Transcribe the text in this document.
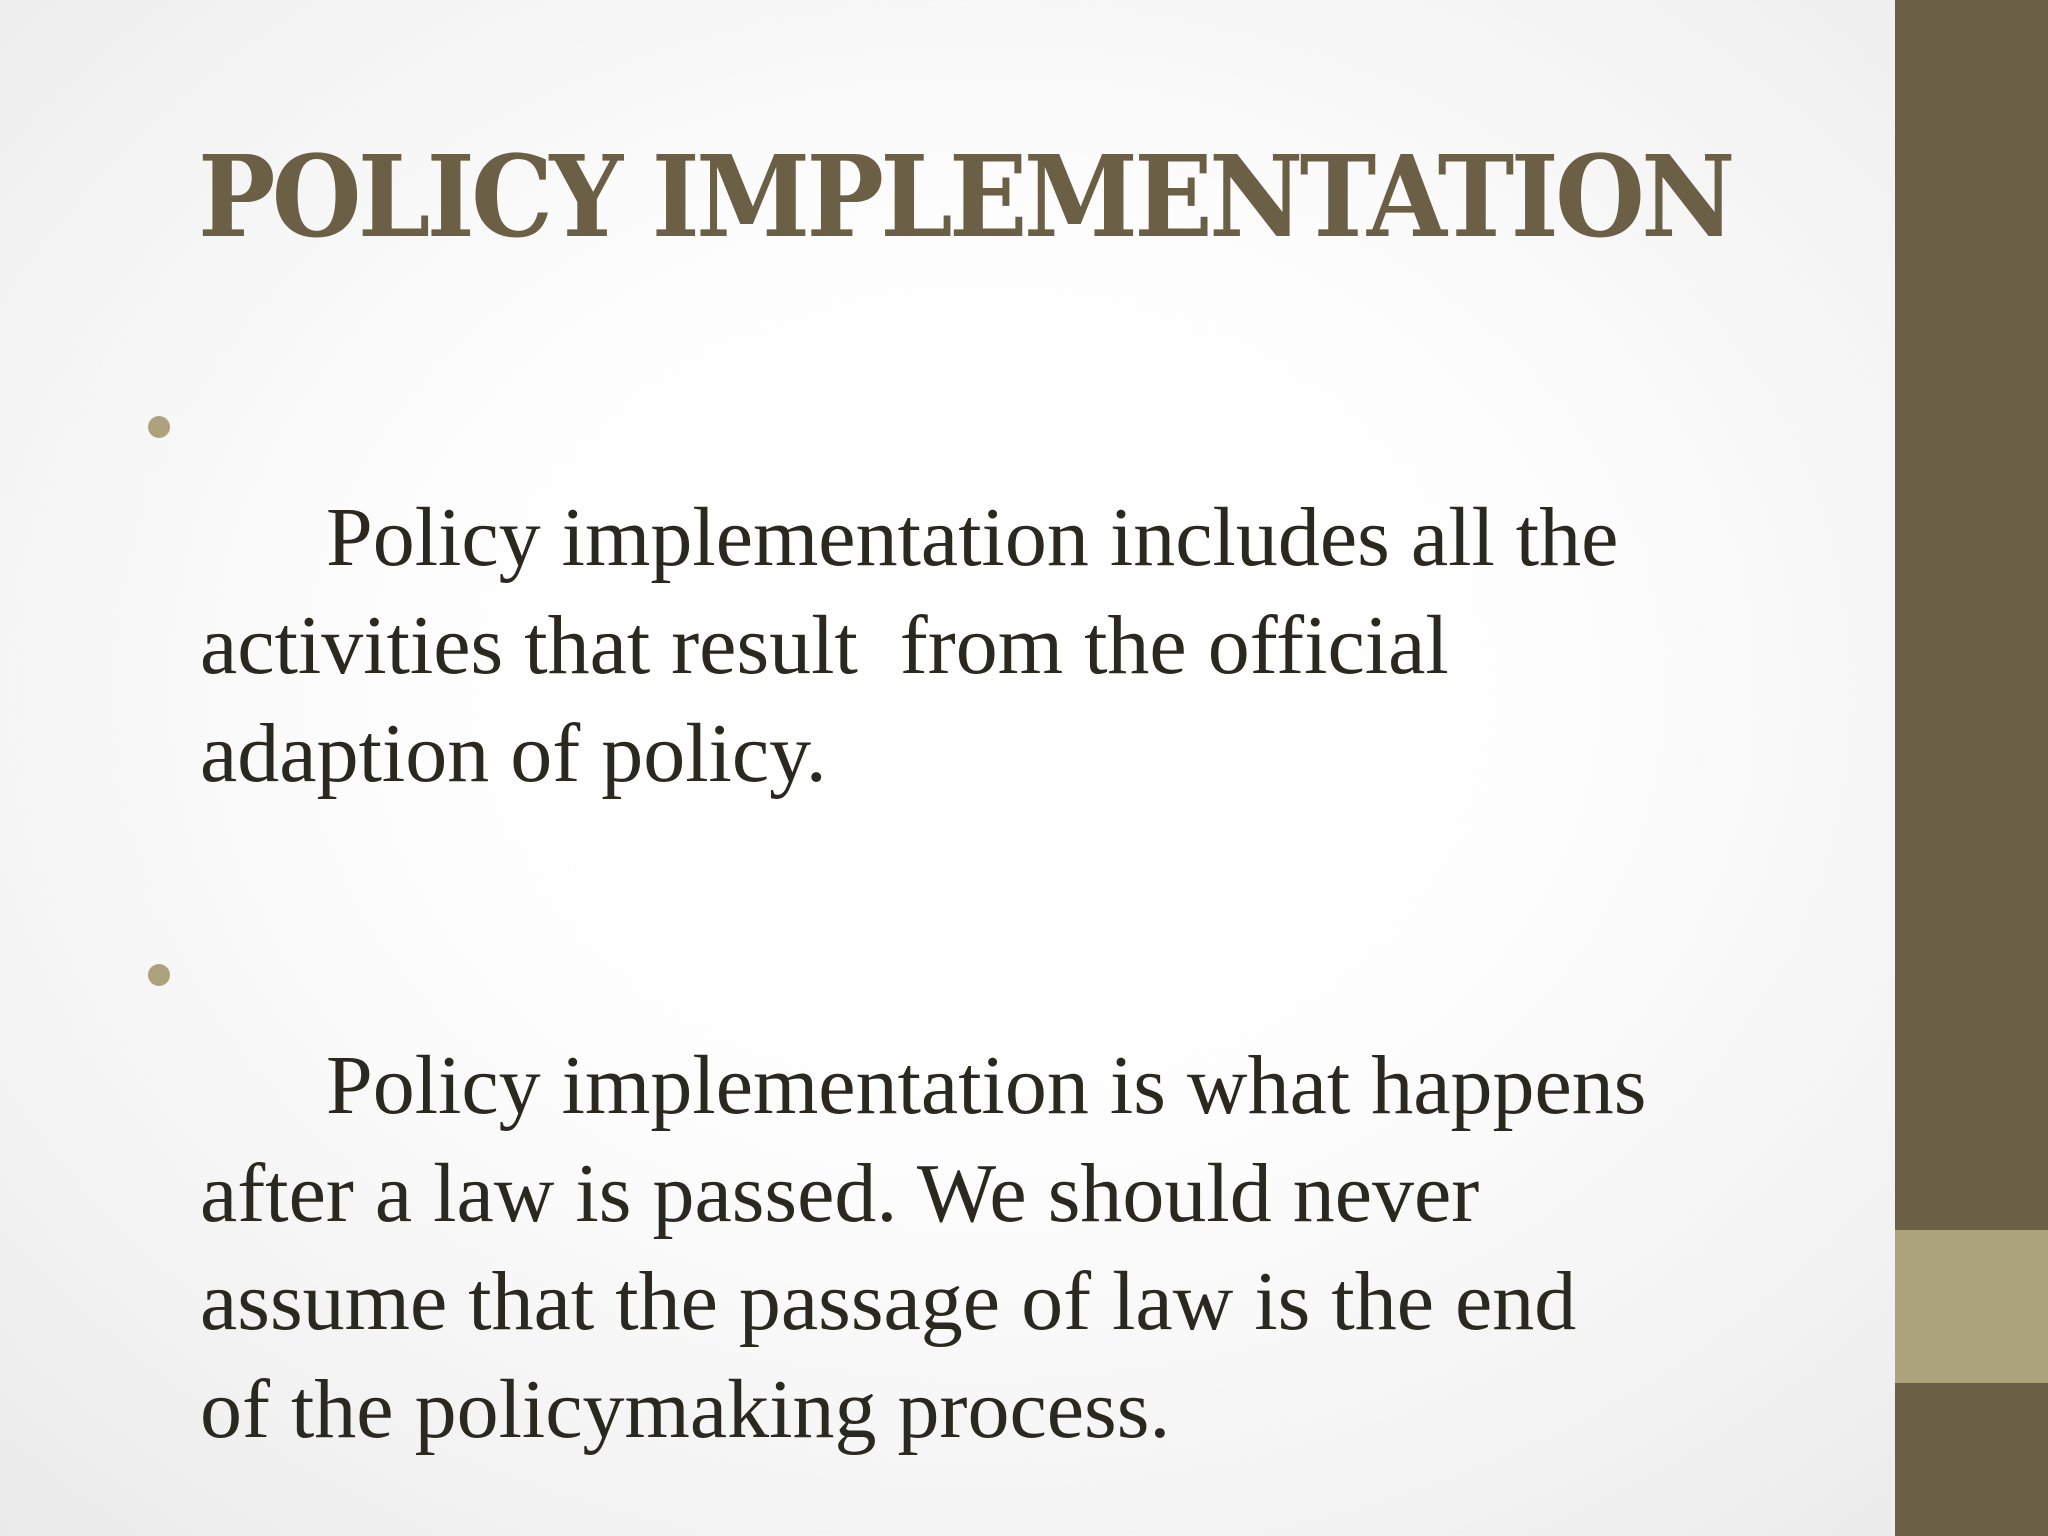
POLICY IMPLEMENTATION

Policy implementation includes all the
activities that result  from the official
adaption of policy.

Policy implementation is what happens
after a law is passed. We should never
assume that the passage of law is the end
of the policymaking process.
